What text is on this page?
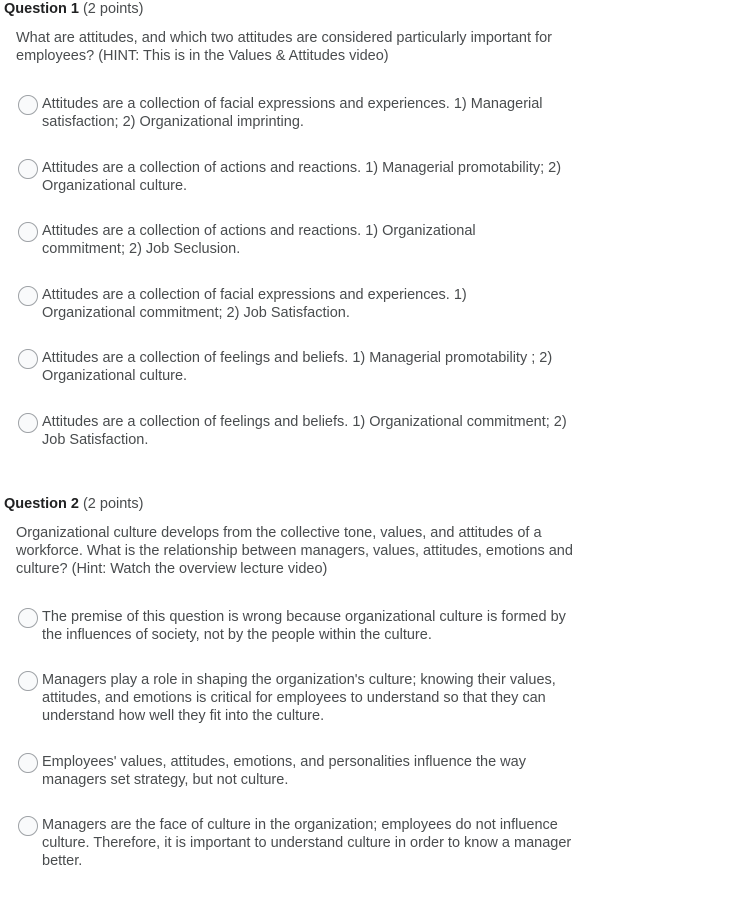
Question 1 (2 points)
What are attitudes, and which two attitudes are considered particularly important for employees? (HINT: This is in the Values & Attitudes video)
Attitudes are a collection of facial expressions and experiences. 1) Managerial satisfaction; 2) Organizational imprinting.
Attitudes are a collection of actions and reactions. 1) Managerial promotability; 2) Organizational culture.
Attitudes are a collection of actions and reactions. 1) Organizational commitment; 2) Job Seclusion.
Attitudes are a collection of facial expressions and experiences. 1) Organizational commitment; 2) Job Satisfaction.
Attitudes are a collection of feelings and beliefs. 1) Managerial promotability ; 2) Organizational culture.
Attitudes are a collection of feelings and beliefs. 1) Organizational commitment; 2) Job Satisfaction.
Question 2 (2 points)
Organizational culture develops from the collective tone, values, and attitudes of a workforce. What is the relationship between managers, values, attitudes, emotions and culture? (Hint: Watch the overview lecture video)
The premise of this question is wrong because organizational culture is formed by the influences of society, not by the people within the culture.
Managers play a role in shaping the organization's culture; knowing their values, attitudes, and emotions is critical for employees to understand so that they can understand how well they fit into the culture.
Employees' values, attitudes, emotions, and personalities influence the way managers set strategy, but not culture.
Managers are the face of culture in the organization; employees do not influence culture. Therefore, it is important to understand culture in order to know a manager better.
